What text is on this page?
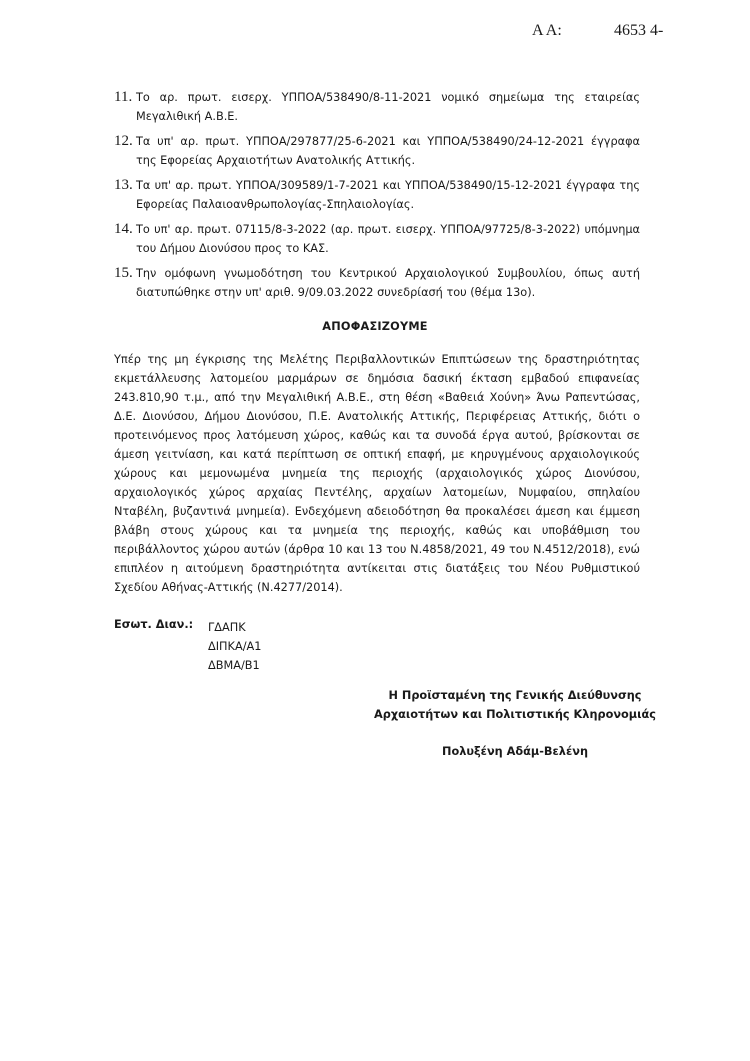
Α Α:	4653 4-
11. Το αρ. πρωτ. εισερχ. ΥΠΠΟΑ/538490/8-11-2021 νομικό σημείωμα της εταιρείας Μεγαλιθική Α.Β.Ε.
12. Τα υπ' αρ. πρωτ. ΥΠΠΟΑ/297877/25-6-2021 και ΥΠΠΟΑ/538490/24-12-2021 έγγραφα της Εφορείας Αρχαιοτήτων Ανατολικής Αττικής.
13. Τα υπ' αρ. πρωτ. ΥΠΠΟΑ/309589/1-7-2021 και ΥΠΠΟΑ/538490/15-12-2021 έγγραφα της Εφορείας Παλαιοανθρωπολογίας-Σπηλαιολογίας.
14. Το υπ' αρ. πρωτ. 07115/8-3-2022 (αρ. πρωτ. εισερχ. ΥΠΠΟΑ/97725/8-3-2022) υπόμνημα του Δήμου Διονύσου προς το ΚΑΣ.
15. Την ομόφωνη γνωμοδότηση του Κεντρικού Αρχαιολογικού Συμβουλίου, όπως αυτή διατυπώθηκε στην υπ' αριθ. 9/09.03.2022 συνεδρίασή του (θέμα 13ο).
ΑΠΟΦΑΣΙΖΟΥΜΕ

Υπέρ της μη έγκρισης της Μελέτης Περιβαλλοντικών Επιπτώσεων της δραστηριότητας εκμετάλλευσης λατομείου μαρμάρων σε δημόσια δασική έκταση εμβαδού επιφανείας 243.810,90 τ.μ., από την Μεγαλιθική Α.Β.Ε., στη θέση «Βαθειά Χούνη» Άνω Ραπεντώσας, Δ.Ε. Διονύσου, Δήμου Διονύσου, Π.Ε. Ανατολικής Αττικής, Περιφέρειας Αττικής, διότι ο προτεινόμενος προς λατόμευση χώρος, καθώς και τα συνοδά έργα αυτού, βρίσκονται σε άμεση γειτνίαση, και κατά περίπτωση σε οπτική επαφή, με κηρυγμένους αρχαιολογικούς χώρους και μεμονωμένα μνημεία της περιοχής (αρχαιολογικός χώρος Διονύσου, αρχαιολογικός χώρος αρχαίας Πεντέλης, αρχαίων λατομείων, Νυμφαίου, σπηλαίου Νταβέλη, βυζαντινά μνημεία). Ενδεχόμενη αδειοδότηση θα προκαλέσει άμεση και έμμεση βλάβη στους χώρους και τα μνημεία της περιοχής, καθώς και υποβάθμιση του περιβάλλοντος χώρου αυτών (άρθρα 10 και 13 του Ν.4858/2021, 49 του Ν.4512/2018), ενώ επιπλέον η αιτούμενη δραστηριότητα αντίκειται στις διατάξεις του Νέου Ρυθμιστικού Σχεδίου Αθήνας-Αττικής (Ν.4277/2014).

Εσωτ. Διαν.: ΓΔΑΠΚ
ΔΙΠΚΑ/Α1
ΔΒΜΑ/Β1
Η Προϊσταμένη της Γενικής Διεύθυνσης
Αρχαιοτήτων και Πολιτιστικής Κληρονομιάς
Πολυξένη Αδάμ-Βελένη
